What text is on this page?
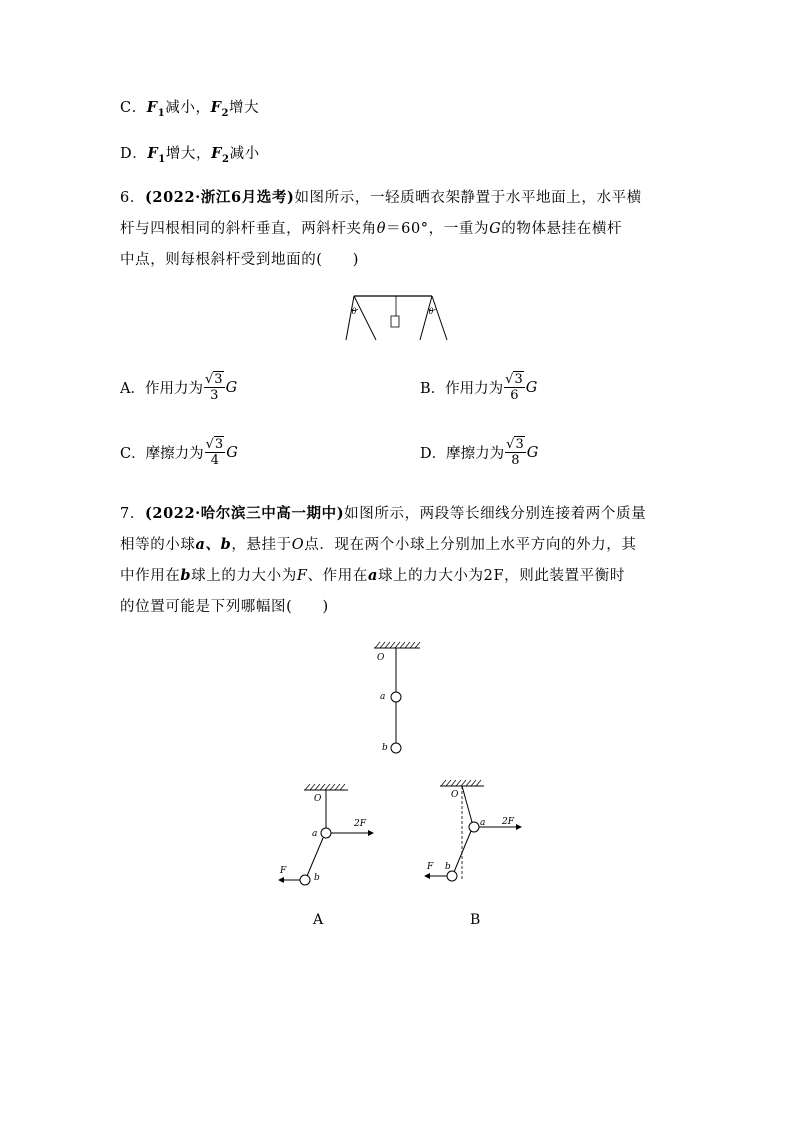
C．$F_1$减小，$F_2$增大
D．$F_1$增大，$F_2$减小
6．(2022·浙江6月选考)如图所示，一轻质晒衣架静置于水平地面上，水平横
杆与四根相同的斜杆垂直，两斜杆夹角θ＝60°，一重为G的物体悬挂在横杆
中点，则每根斜杆受到地面的(　　)
θ	θ
A． 作用力为 $\frac{√3}{3}$ G	B． 作用力为 $\frac{√3}{6}$ G
C． 摩擦力为 $\frac{√3}{4}$ G	D． 摩擦力为 $\frac{√3}{8}$ G
7．(2022·哈尔滨三中高一期中)如图所示，两段等长细线分别连接着两个质量
相等的小球a、b，悬挂于O点．现在两个小球上分别加上水平方向的外力，其
中作用在b球上的力大小为F、作用在a球上的力大小为2F，则此装置平衡时
的位置可能是下列哪幅图(　　)
O
a
b
O
a
2F
b
F
O
a 2F
b
F
A	B
